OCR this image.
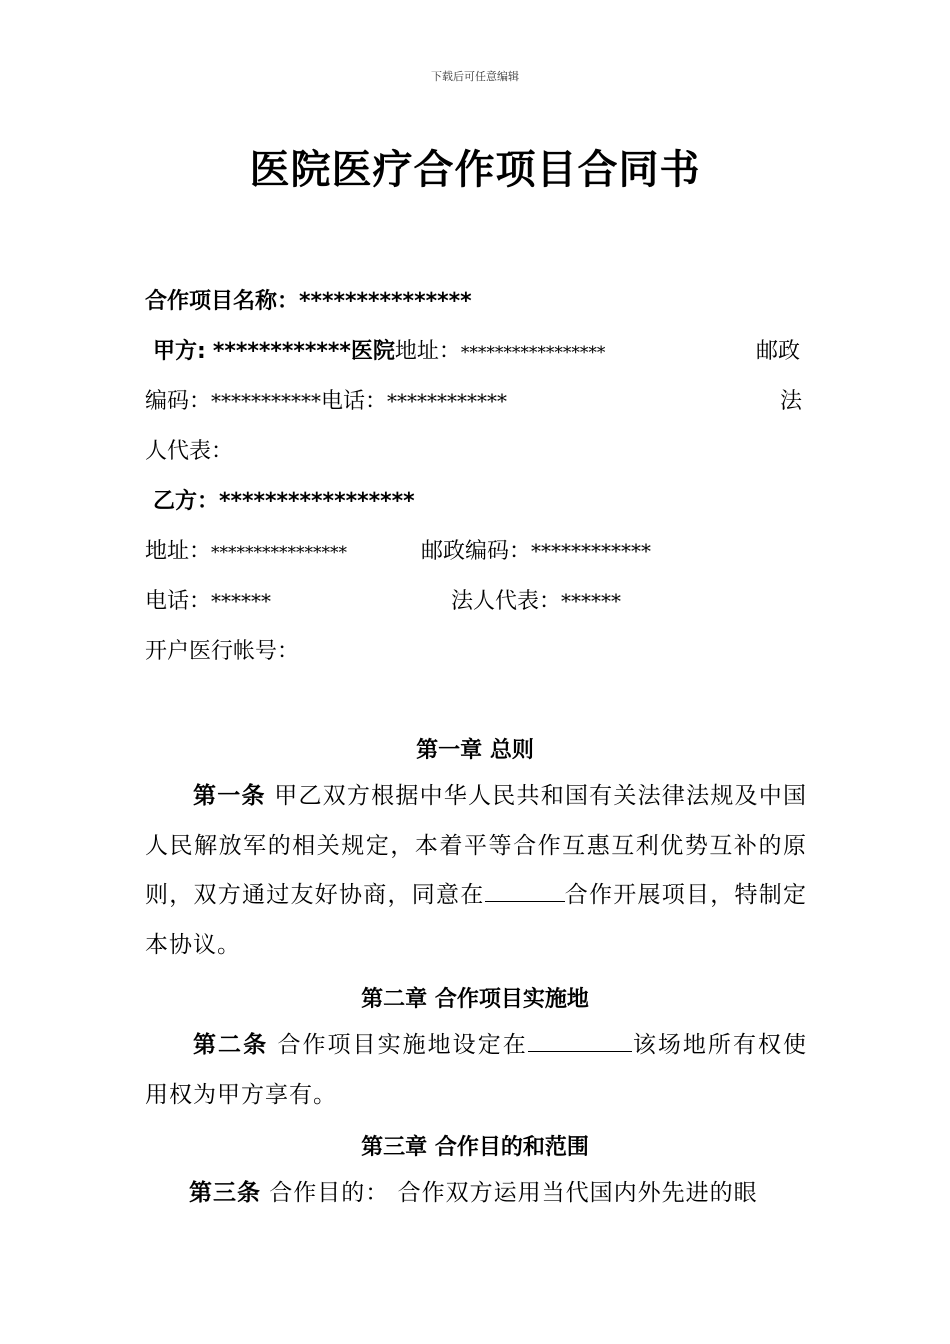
下载后可任意编辑
医院医疗合作项目合同书
合作项目名称：***************
甲方: ************医院地址：*****************	邮政
编码：***********电话：************	法
人代表：
乙方：*****************
地址：****************	邮政编码：************
电话：******	法人代表：******
开户医行帐号：
第一章 总则
第一条 甲乙双方根据中华人民共和国有关法律法规及中国人民解放军的相关规定，本着平等合作互惠互利优势互补的原则，双方通过友好协商，同意在	合作开展项目，特制定本协议。
第二章 合作项目实施地
第二条 合作项目实施地设定在	该场地所有权使用权为甲方享有。
第三章 合作目的和范围
第三条 合作目的： 合作双方运用当代国内外先进的眼
